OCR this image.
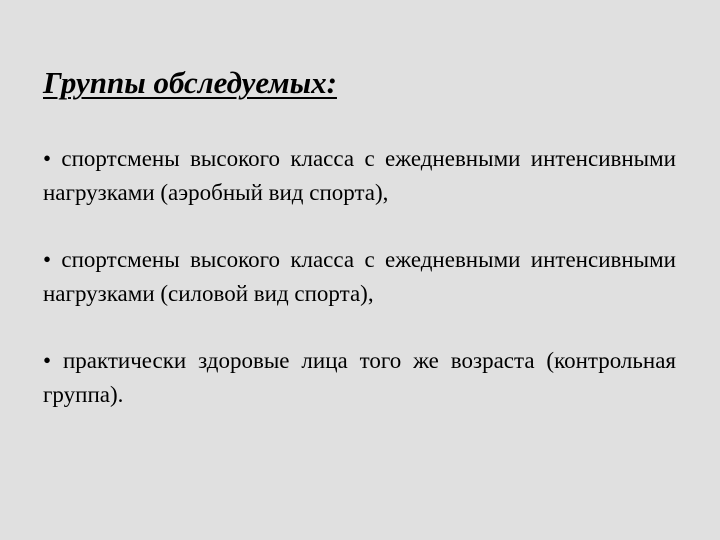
Группы обследуемых:
• спортсмены высокого класса с ежедневными интенсивными нагрузками (аэробный вид спорта),
• спортсмены высокого класса с ежедневными интенсивными нагрузками (силовой вид спорта),
• практически здоровые лица того же возраста (контрольная группа).
